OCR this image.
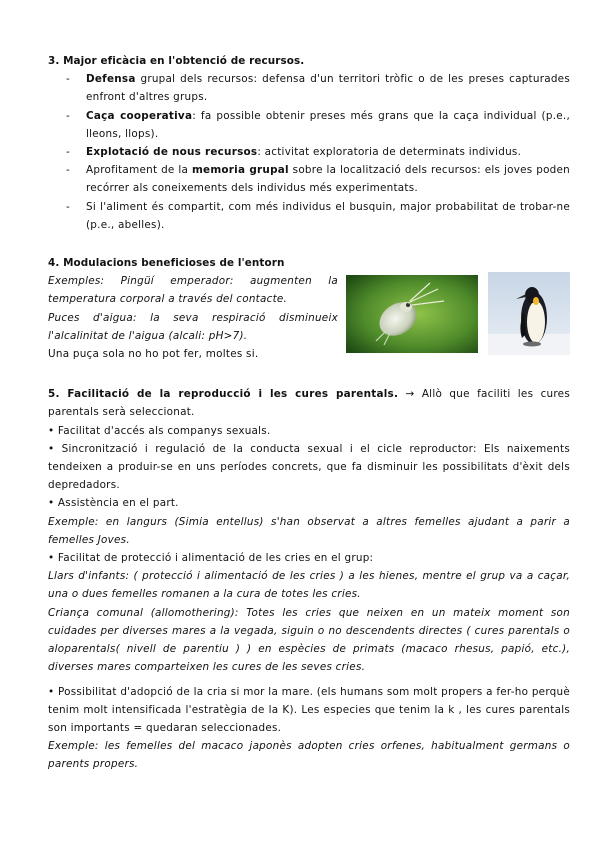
3. Major eficàcia en l'obtenció de recursos.
- Defensa grupal dels recursos: defensa d'un territori tròfic o de les preses capturades enfront d'altres grups.
- Caça cooperativa: fa possible obtenir preses més grans que la caça individual (p.e., lleons, llops).
- Explotació de nous recursos: activitat exploratoria de determinats individus.
- Aprofitament de la memoria grupal sobre la localització dels recursos: els joves poden recórrer als coneixements dels individus més experimentats.
- Si l'aliment és compartit, com més individus el busquin, major probabilitat de trobar-ne (p.e., abelles).
4. Modulacions beneficioses de l'entorn

Exemples: Pingüí emperador: augmenten la temperatura corporal a través del contacte.

Puces d'aigua: la seva respiració disminueix l'alcalinitat de l'aigua (alcali: pH>7).

Una puça sola no ho pot fer, moltes si.

5. Facilitació de la reproducció i les cures parentals. → Allò que faciliti les cures parentals serà seleccionat.

• Facilitat d'accés als companys sexuals.

• Sincronització i regulació de la conducta sexual i el cicle reproductor: Els naixements tendeixen a produir-se en uns períodes concrets, que fa disminuir les possibilitats d'èxit dels depredadors.

• Assistència en el part.

Exemple: en langurs (Simia entellus) s'han observat a altres femelles ajudant a parir a femelles Joves.

• Facilitat de protecció i alimentació de les cries en el grup:

Llars d'infants: ( protecció i alimentació de les cries ) a les hienes, mentre el grup va a caçar, una o dues femelles romanen a la cura de totes les cries.

Criança comunal (allomothering): Totes les cries que neixen en un mateix moment son cuidades per diverses mares a la vegada, siguin o no descendents directes ( cures parentals o aloparentals( nivell de parentiu ) ) en espècies de primats (macaco rhesus, papió, etc.), diverses mares comparteixen les cures de les seves cries.

• Possibilitat d'adopció de la cria si mor la mare. (els humans som molt propers a fer-ho perquè tenim molt intensificada l'estratègia de la K). Les especies que tenim la k , les cures parentals son importants = quedaran seleccionades.

Exemple: les femelles del macaco japonès adopten cries orfenes, habitualment germans o parents propers.
